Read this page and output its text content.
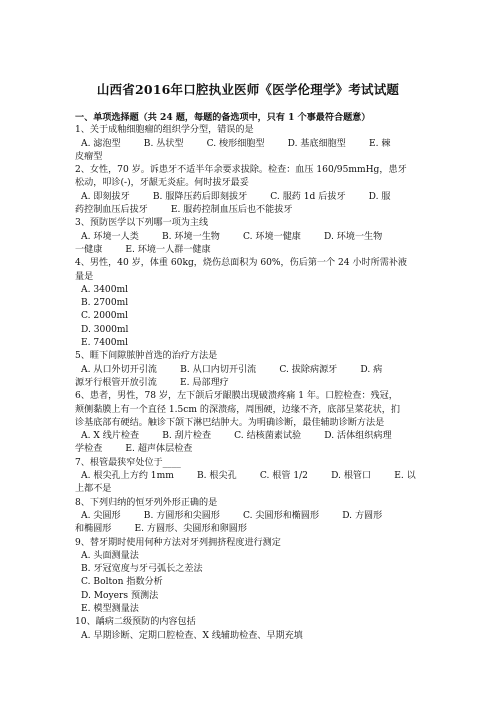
山西省2016年口腔执业医师《医学伦理学》考试试题
一、单项选择题（共 24 题，每题的备选项中，只有 1 个事最符合题意）
1、关于成釉细胞瘤的组织学分型，错误的是
A. 滤泡型        B. 丛状型        C. 梭形细胞型        D. 基底细胞型        E. 棘
皮瘤型
2、女性，70 岁。诉患牙不适半年余要求拔除。检查：血压 160/95mmHg，患牙
松动，叩诊(-)，牙龈无炎症。何时拔牙最妥
A. 即刻拔牙        B. 服降压药后即刻拔牙        C. 服药 1d 后拔牙        D. 服
药控制血压后拔牙        E. 服药控制血压后也不能拔牙
3、预防医学以下列哪一项为主线
A. 环境一人类        B. 环境一生物        C. 环境一健康        D. 环境一生物
一健康        E. 环境一人群一健康
4、男性，40 岁，体重 60kg，烧伤总面积为 60%，伤后第一个 24 小时所需补液
量是
A. 3400ml
B. 2700ml
C. 2000ml
D. 3000ml
E. 7400ml
5、睚下间隙脓肿首选的治疗方法是
A. 从口外切开引流        B. 从口内切开引流        C. 拔除病源牙        D. 病
源牙行根管开放引流        E. 局部理疗
6、患者，男性，78 岁，左下颌后牙龈膜出现破溃疼痛 1 年。口腔检查：残冠，
颊侧黏膜上有一个直径 1.5cm 的深溃疡，周围硬，边缘不齐，底部呈菜花状，扪
诊基底部有硬结。触诊下颌下淋巴结肿大。为明确诊断，最佳辅助诊断方法是
A. X 线片检查        B. 刮片检查        C. 结核菌素试验        D. 活体组织病理
学检查        E. 超声体层检查
7、根管最狭窄处位于____
A. 根尖孔上方约 1mm        B. 根尖孔        C. 根管 1/2        D. 根管口        E. 以
上都不是
8、下列归纳的恒牙列外形正确的是
A. 尖圆形        B. 方圆形和尖圆形        C. 尖圆形和椭圆形        D. 方圆形
和椭圆形        E. 方圆形、尖圆形和卵圆形
9、替牙期时使用何种方法对牙列拥挤程度进行测定
A. 头面测量法
B. 牙冠宽度与牙弓弧长之差法
C. Bolton 指数分析
D. Moyers 预测法
E. 模型测量法
10、龋病二级预防的内容包括
A. 早期诊断、定期口腔检查、X 线辅助检查、早期充填
